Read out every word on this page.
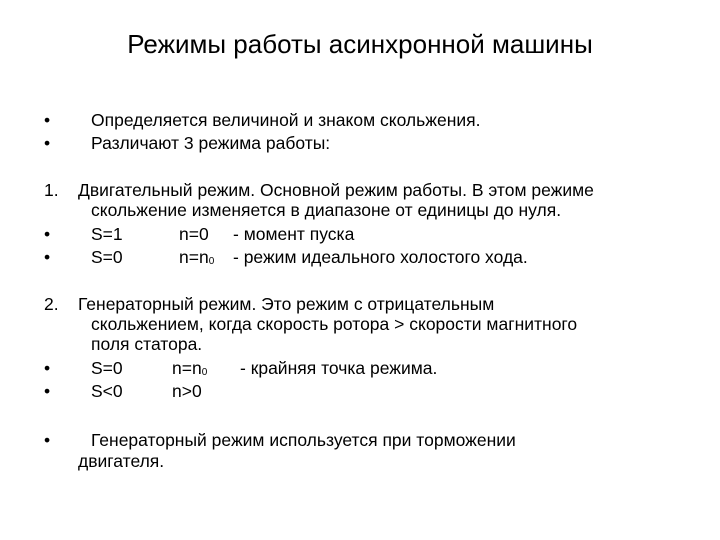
Режимы работы асинхронной машины
• Определяется величиной и знаком скольжения.
• Различают 3 режима работы:
1. Двигательный режим. Основной режим работы. В этом режиме
скольжение изменяется в диапазоне от единицы до нуля.
• S=1	n=0 - момент пуска
• S=0	n=n0 - режим идеального холостого хода.
2. Генераторный режим. Это режим с отрицательным
скольжением, когда скорость ротора > скорости магнитного
поля статора.
• S=0	n=n0 - крайняя точка режима.
• S<0	n>0
• Генераторный режим используется при торможении
двигателя.
